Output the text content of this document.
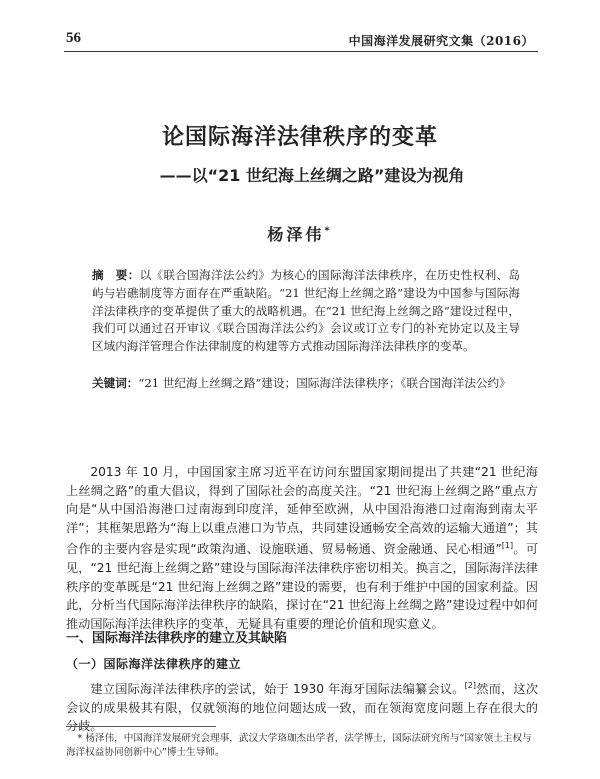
56	中国海洋发展研究文集（2016）
论国际海洋法律秩序的变革
——以“21 世纪海上丝绸之路”建设为视角
杨泽伟*

摘　要：以《联合国海洋法公约》为核心的国际海洋法律秩序，在历史性权利、岛屿与岩礁制度等方面存在严重缺陷。“21 世纪海上丝绸之路”建设为中国参与国际海洋法律秩序的变革提供了重大的战略机遇。在“21 世纪海上丝绸之路”建设过程中，我们可以通过召开审议《联合国海洋法公约》会议或订立专门的补充协定以及主导区域内海洋管理合作法律制度的构建等方式推动国际海洋法律秩序的变革。

关键词：“21 世纪海上丝绸之路”建设；国际海洋法律秩序；《联合国海洋法公约》

2013 年 10 月，中国国家主席习近平在访问东盟国家期间提出了共建“21 世纪海上丝绸之路”的重大倡议，得到了国际社会的高度关注。“21 世纪海上丝绸之路”重点方向是“从中国沿海港口过南海到印度洋，延伸至欧洲，从中国沿海港口过南海到南太平洋”；其框架思路为“海上以重点港口为节点，共同建设通畅安全高效的运输大通道”；其合作的主要内容是实现“政策沟通、设施联通、贸易畅通、资金融通、民心相通”[1]。可见，“21 世纪海上丝绸之路”建设与国际海洋法律秩序密切相关。换言之，国际海洋法律秩序的变革既是“21 世纪海上丝绸之路”建设的需要，也有利于维护中国的国家利益。因此，分析当代国际海洋法律秩序的缺陷，探讨在“21 世纪海上丝绸之路”建设过程中如何推动国际海洋法律秩序的变革，无疑具有重要的理论价值和现实意义。

一、国际海洋法律秩序的建立及其缺陷
（一）国际海洋法律秩序的建立

建立国际海洋法律秩序的尝试，始于 1930 年海牙国际法编纂会议。[2]然而，这次会议的成果极其有限，仅就领海的地位问题达成一致，而在领海宽度问题上存在很大的分歧。

* 杨泽伟，中国海洋发展研究会理事，武汉大学珞珈杰出学者，法学博士，国际法研究所与“国家领土主权与海洋权益协同创新中心”博士生导师。
